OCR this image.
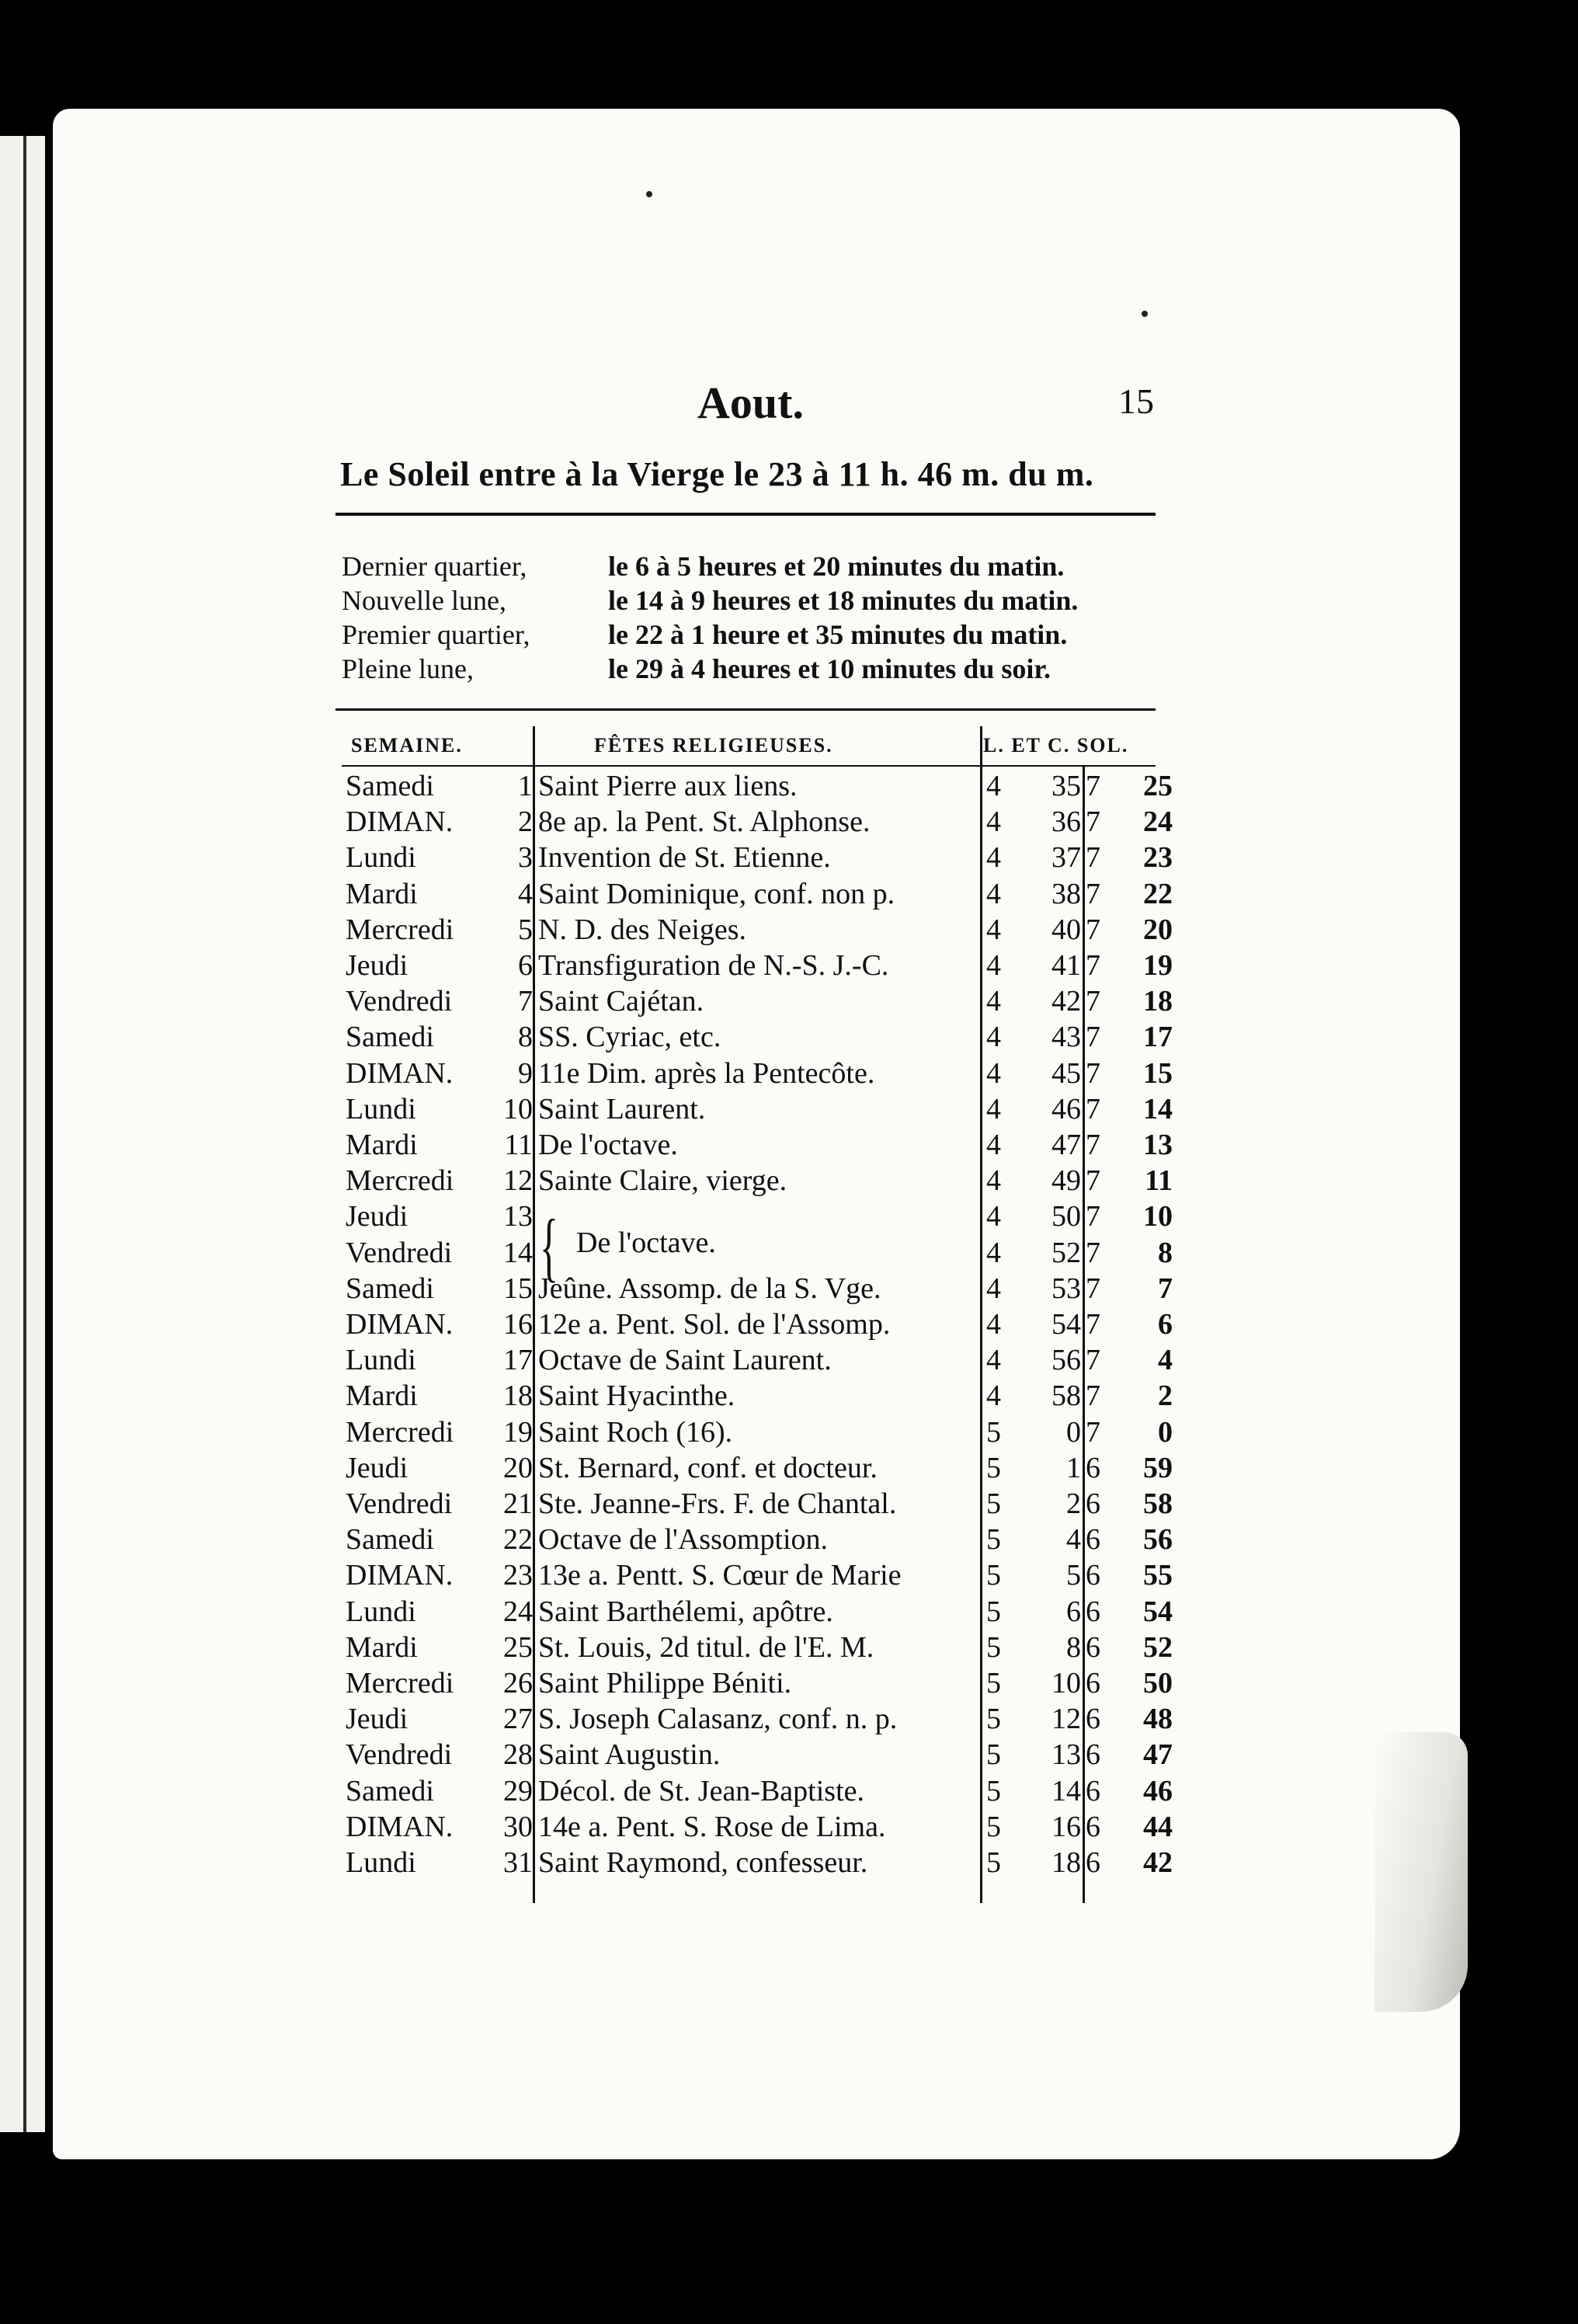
Aout.	15
Le Soleil entre à la Vierge le 23 à 11 h. 46 m. du m.
Dernier quartier,	le 6 à 5 heures et 20 minutes du matin.
Nouvelle lune,	le 14 à 9 heures et 18 minutes du matin.
Premier quartier,	le 22 à 1 heure et 35 minutes du matin.
Pleine lune,	le 29 à 4 heures et 10 minutes du soir.
SEMAINE.	FÊTES RELIGIEUSES.	L. ET C. SOL.
{ De l'octave.
Samedi	1 Saint Pierre aux liens.	4	35 7	25
DIMAN.	2 8e ap. la Pent. St. Alphonse.	4	36 7	24
Lundi	3 Invention de St. Etienne.	4	37 7	23
Mardi	4 Saint Dominique, conf. non p.	4	38 7	22
Mercredi	5 N. D. des Neiges.	4	40 7	20
Jeudi	6 Transfiguration de N.-S. J.-C.	4	41 7	19
Vendredi	7 Saint Cajétan.	4	42 7	18
Samedi	8 SS. Cyriac, etc.	4	43 7	17
DIMAN.	9 11e Dim. après la Pentecôte.	4	45 7	15
Lundi	10 Saint Laurent.	4	46 7	14
Mardi	11 De l'octave.	4	47 7	13
Mercredi	12 Sainte Claire, vierge.	4	49 7	11
Jeudi	13	4	50 7	10
Vendredi	14	4	52 7	8
Samedi	15 Jeûne. Assomp. de la S. Vge.	4	53 7	7
DIMAN.	16 12e a. Pent. Sol. de l'Assomp.	4	54 7	6
Lundi	17 Octave de Saint Laurent.	4	56 7	4
Mardi	18 Saint Hyacinthe.	4	58 7	2
Mercredi	19 Saint Roch (16).	5	0 7	0
Jeudi	20 St. Bernard, conf. et docteur.	5	1 6	59
Vendredi	21 Ste. Jeanne-Frs. F. de Chantal.	5	2 6	58
Samedi	22 Octave de l'Assomption.	5	4 6	56
DIMAN.	23 13e a. Pentt. S. Cœur de Marie	5	5 6	55
Lundi	24 Saint Barthélemi, apôtre.	5	6 6	54
Mardi	25 St. Louis, 2d titul. de l'E. M.	5	8 6	52
Mercredi	26 Saint Philippe Béniti.	5	10 6	50
Jeudi	27 S. Joseph Calasanz, conf. n. p.	5	12 6	48
Vendredi	28 Saint Augustin.	5	13 6	47
Samedi	29 Décol. de St. Jean-Baptiste.	5	14 6	46
DIMAN.	30 14e a. Pent. S. Rose de Lima.	5	16 6	44
Lundi	31 Saint Raymond, confesseur.	5	18 6	42
